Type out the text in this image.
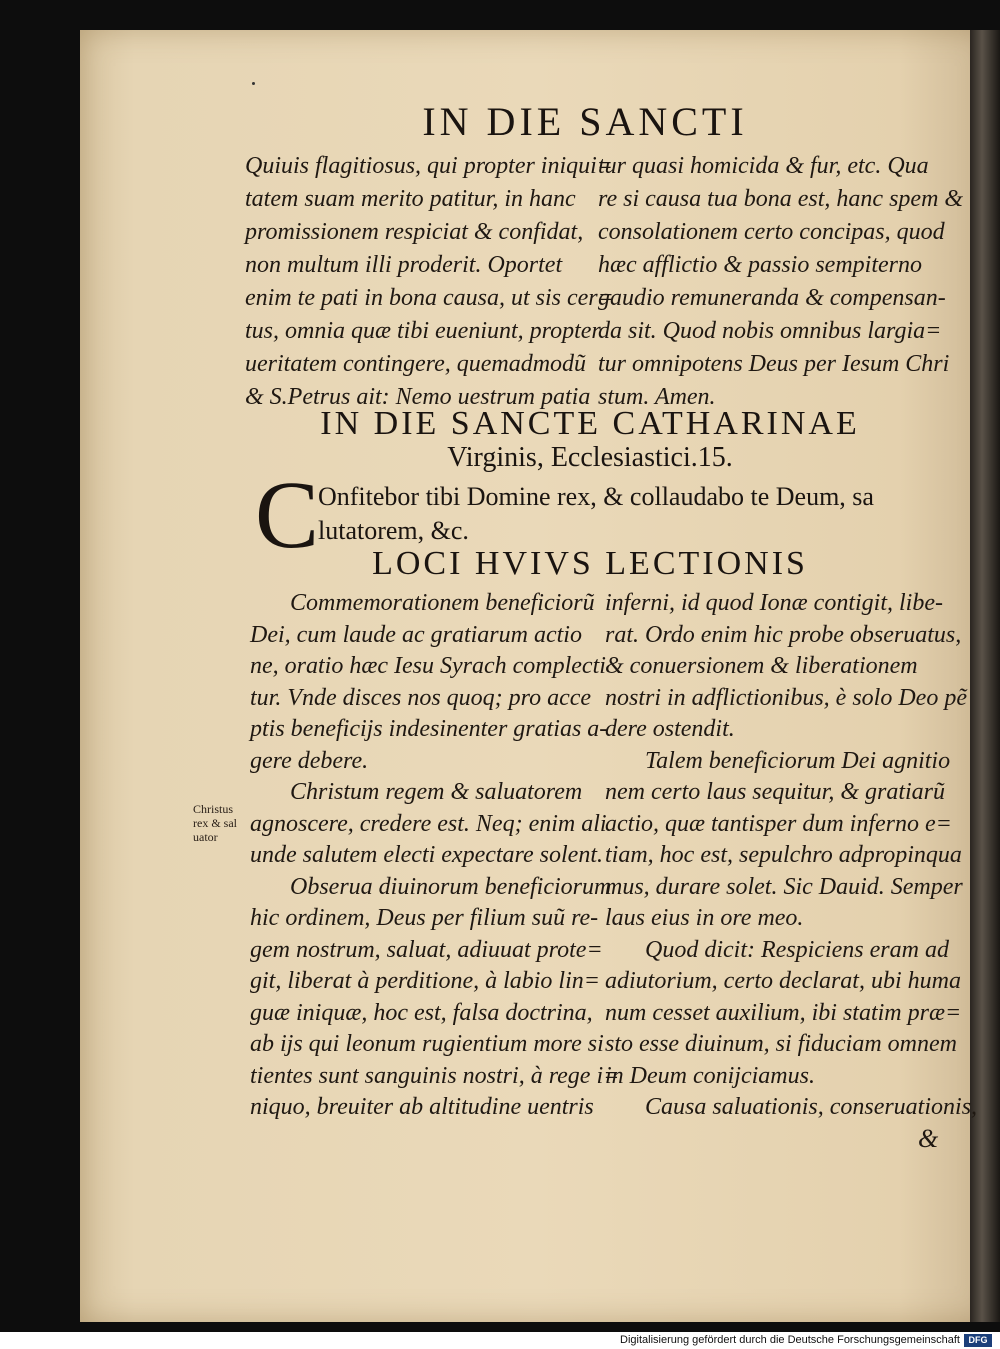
IN DIE SANCTI
Quiuis flagitiosus, qui propter iniqui=
tatem suam merito patitur, in hanc
promissionem respiciat & confidat,
non multum illi proderit. Oportet
enim te pati in bona causa, ut sis cer=
tus, omnia quæ tibi eueniunt, propter
ueritatem contingere, quemadmodũ
& S.Petrus ait: Nemo uestrum patia
tur quasi homicida & fur, etc. Qua
re si causa tua bona est, hanc spem &
consolationem certo concipas, quod
hæc afflictio & passio sempiterno
gaudio remuneranda & compensan-
da sit. Quod nobis omnibus largia=
tur omnipotens Deus per Iesum Chri
stum. Amen.
IN DIE SANCTE CATHARINAE
Virginis, Ecclesiastici.15.
C
Onfitebor tibi Domine rex, & collaudabo te Deum, sa
lutatorem, &c.
LOCI HVIVS LECTIONIS
Commemorationem beneficiorũ
Dei, cum laude ac gratiarum actio
ne, oratio hæc Iesu Syrach complecti
tur. Vnde disces nos quoq; pro acce
ptis beneficijs indesinenter gratias a-
gere debere.
Christum regem & saluatorem
agnoscere, credere est. Neq; enim ali
unde salutem electi expectare solent.
Obserua diuinorum beneficiorum
hic ordinem, Deus per filium suũ re-
gem nostrum, saluat, adiuuat prote=
git, liberat à perditione, à labio lin=
guæ iniquæ, hoc est, falsa doctrina,
ab ijs qui leonum rugientium more si
tientes sunt sanguinis nostri, à rege i=
niquo, breuiter ab altitudine uentris
inferni, id quod Ionæ contigit, libe-
rat. Ordo enim hic probe obseruatus,
& conuersionem & liberationem
nostri in adflictionibus, è solo Deo pẽ
dere ostendit.
Talem beneficiorum Dei agnitio
nem certo laus sequitur, & gratiarũ
actio, quæ tantisper dum inferno e=
tiam, hoc est, sepulchro adpropinqua
mus, durare solet. Sic Dauid. Semper
laus eius in ore meo.
Quod dicit: Respiciens eram ad
adiutorium, certo declarat, ubi huma
num cesset auxilium, ibi statim præ=
sto esse diuinum, si fiduciam omnem
in Deum conijciamus.
Causa saluationis, conseruationis,
Christus
rex & sal
uator
&
Digitalisierung gefördert durch die Deutsche Forschungsgemeinschaft DFG
